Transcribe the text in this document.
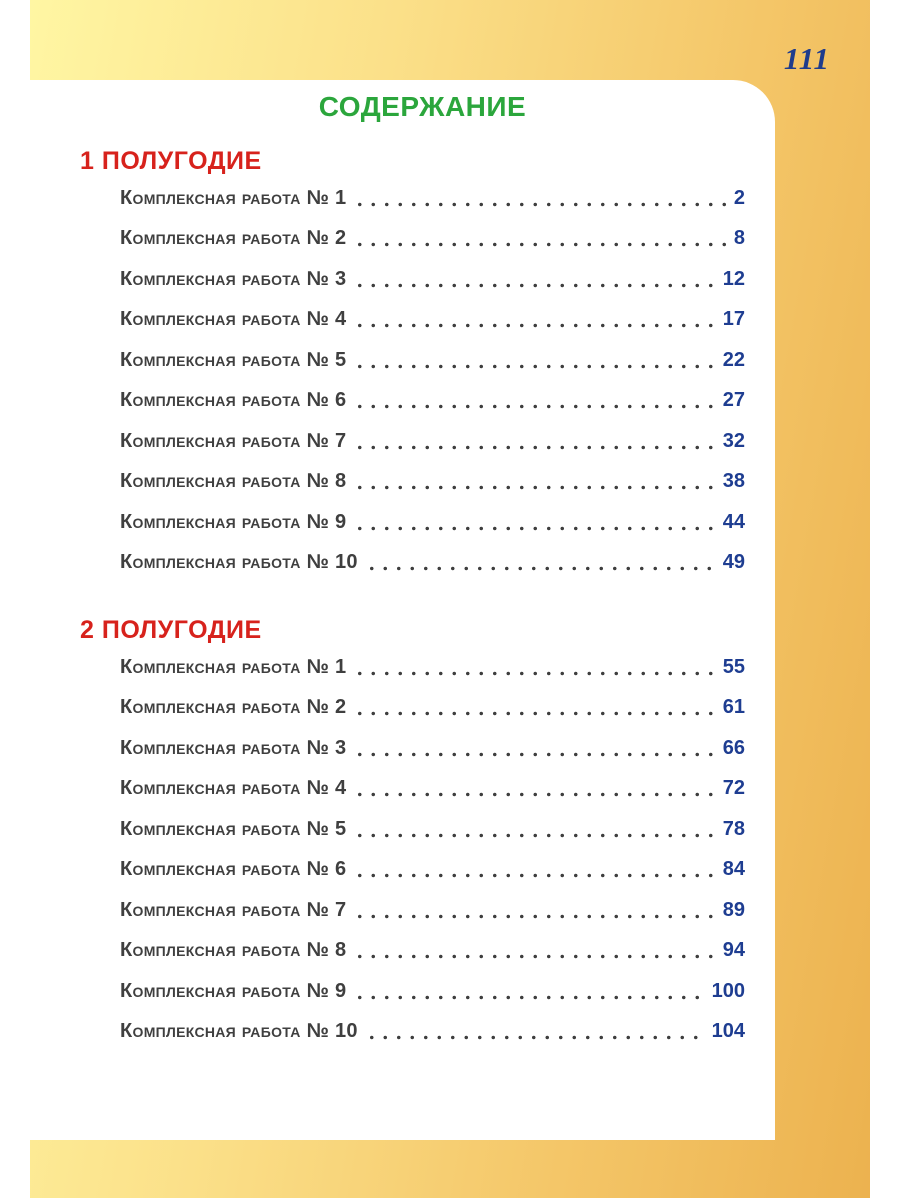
111
СОДЕРЖАНИЕ
1 ПОЛУГОДИЕ
Комплексная работа № 1	2
Комплексная работа № 2	8
Комплексная работа № 3	12
Комплексная работа № 4	17
Комплексная работа № 5	22
Комплексная работа № 6	27
Комплексная работа № 7	32
Комплексная работа № 8	38
Комплексная работа № 9	44
Комплексная работа № 10	49
2 ПОЛУГОДИЕ
Комплексная работа № 1	55
Комплексная работа № 2	61
Комплексная работа № 3	66
Комплексная работа № 4	72
Комплексная работа № 5	78
Комплексная работа № 6	84
Комплексная работа № 7	89
Комплексная работа № 8	94
Комплексная работа № 9	100
Комплексная работа № 10	104
